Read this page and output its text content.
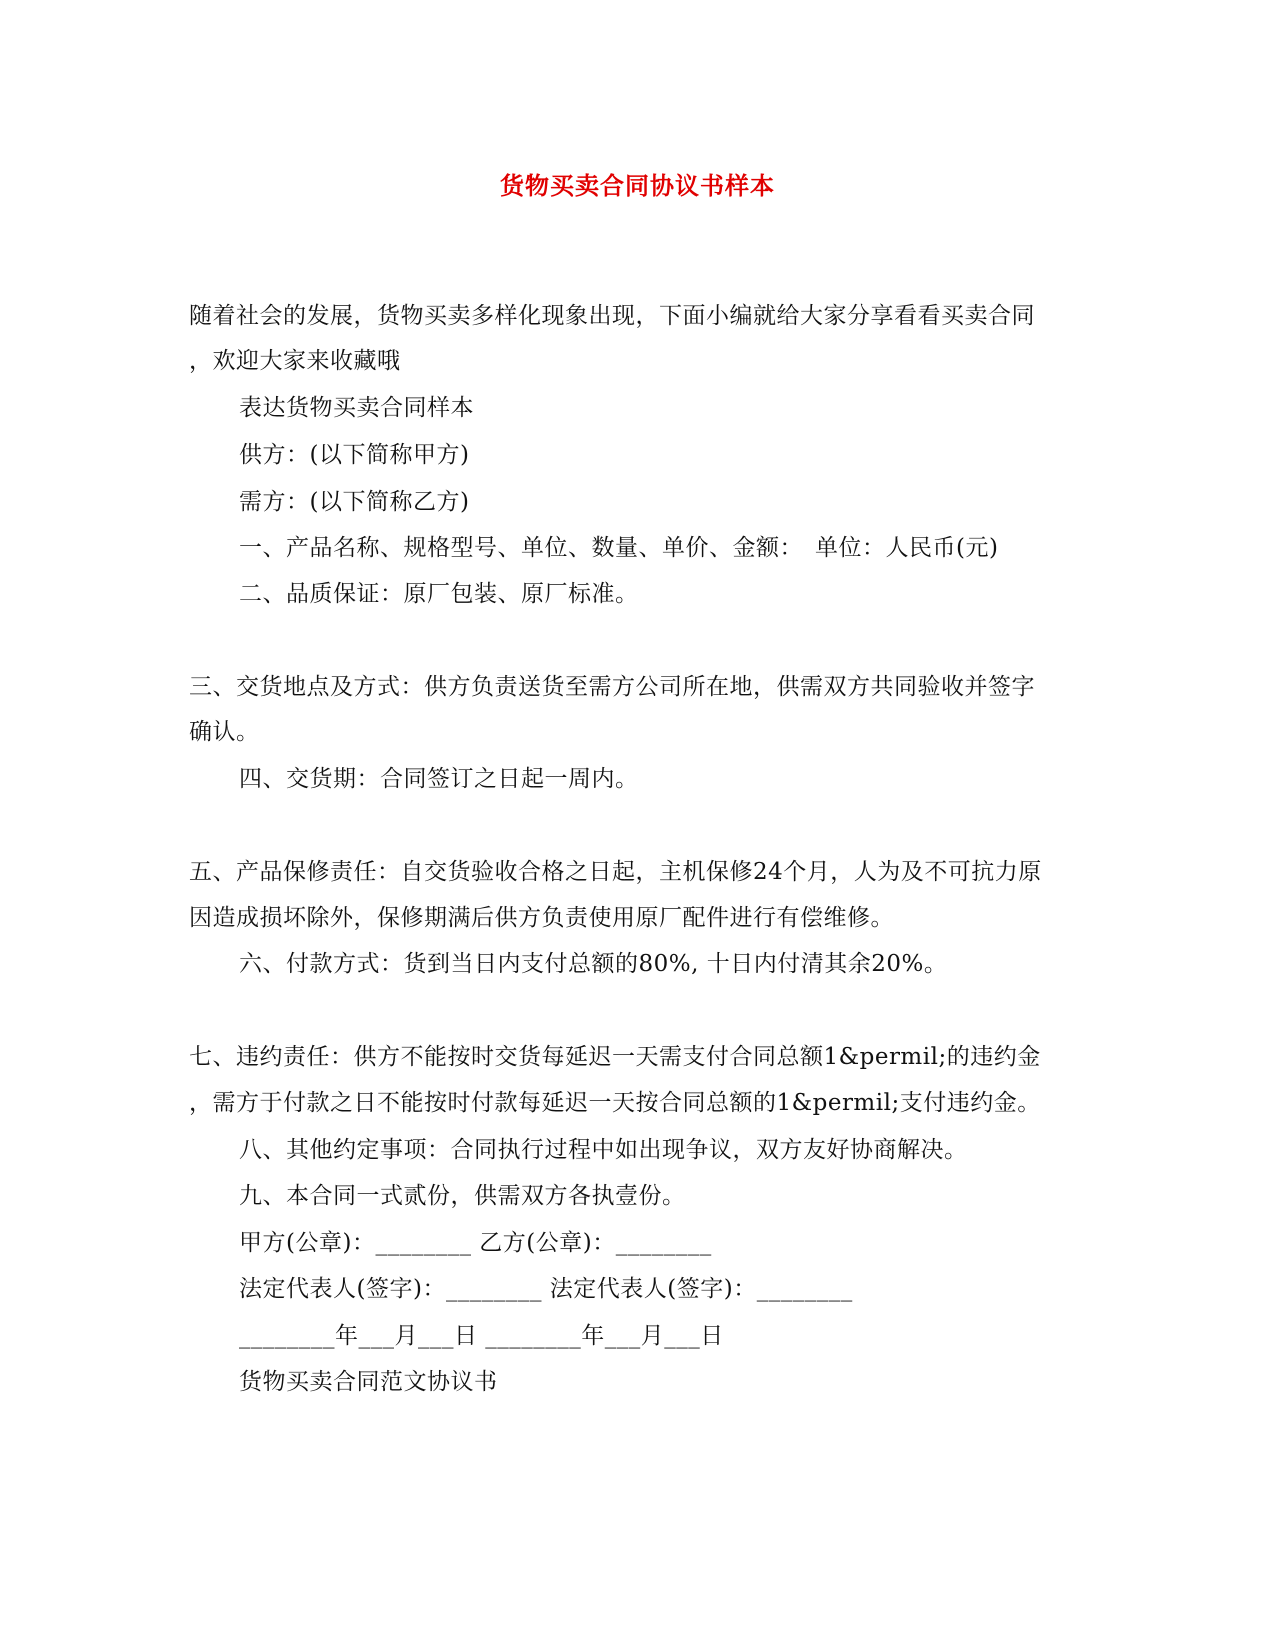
货物买卖合同协议书样本
随着社会的发展，货物买卖多样化现象出现，下面小编就给大家分享看看买卖合同
，欢迎大家来收藏哦
表达货物买卖合同样本
供方：(以下简称甲方)
需方：(以下简称乙方)
一、产品名称、规格型号、单位、数量、单价、金额：　单位：人民币(元)
二、品质保证：原厂包装、原厂标准。
三、交货地点及方式：供方负责送货至需方公司所在地，供需双方共同验收并签字
确认。
四、交货期：合同签订之日起一周内。
五、产品保修责任：自交货验收合格之日起，主机保修24个月，人为及不可抗力原
因造成损坏除外，保修期满后供方负责使用原厂配件进行有偿维修。
六、付款方式：货到当日内支付总额的80%, 十日内付清其余20%。
七、违约责任：供方不能按时交货每延迟一天需支付合同总额1&permil;的违约金
，需方于付款之日不能按时付款每延迟一天按合同总额的1&permil;支付违约金。
八、其他约定事项：合同执行过程中如出现争议，双方友好协商解决。
九、本合同一式贰份，供需双方各执壹份。
甲方(公章)：________ 乙方(公章)：________
法定代表人(签字)：________ 法定代表人(签字)：________
________年___月___日 ________年___月___日
货物买卖合同范文协议书
